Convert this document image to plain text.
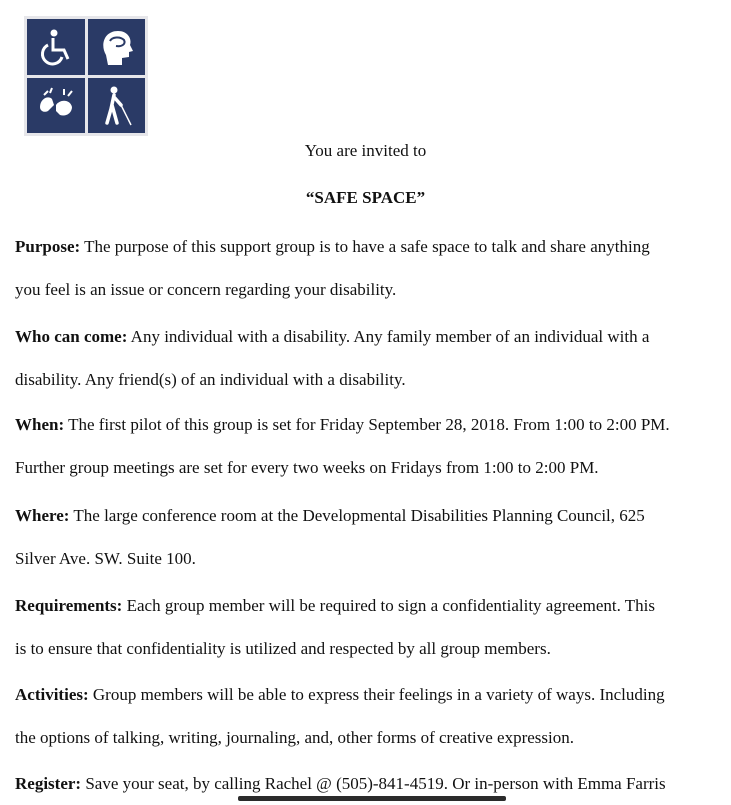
You are invited to
“SAFE SPACE”
Purpose: The purpose of this support group is to have a safe space to talk and share anything
you feel is an issue or concern regarding your disability.
Who can come: Any individual with a disability. Any family member of an individual with a
disability. Any friend(s) of an individual with a disability.
When: The first pilot of this group is set for Friday September 28, 2018. From 1:00 to 2:00 PM.
Further group meetings are set for every two weeks on Fridays from 1:00 to 2:00 PM.
Where: The large conference room at the Developmental Disabilities Planning Council, 625
Silver Ave. SW. Suite 100.
Requirements: Each group member will be required to sign a confidentiality agreement. This
is to ensure that confidentiality is utilized and respected by all group members.
Activities: Group members will be able to express their feelings in a variety of ways. Including
the options of talking, writing, journaling, and, other forms of creative expression.
Register: Save your seat, by calling Rachel @ (505)-841-4519. Or in-person with Emma Farris
